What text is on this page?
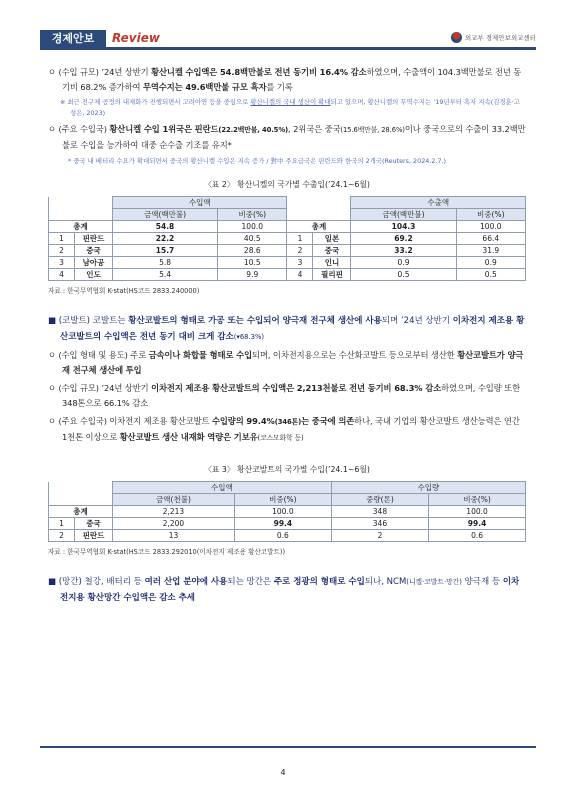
경제안보	Review	외교부 경제안보외교센터

ㅇ (수입 규모) ’24년 상반기 황산니켈 수입액은 54.8백만불로 전년 동기비 16.4% 감소하였으며, 수출액이 104.3백만불로 전년 동기비 68.2% 증가하여 무역수지는 49.6백만불 규모 흑자를 기록

※ 최근 전구체 공정의 내재화가 진행되면서 고려아연 등을 중심으로 황산니켈의 국내 생산이 확대되고 있으며, 황산니켈의 무역수지는 ’19년부터 흑자 지속(김경훈·고성은, 2023)

ㅇ (주요 수입국) 황산니켈 수입 1위국은 핀란드(22.2백만불, 40.5%), 2위국은 중국(15.6백만불, 28.6%)이나 중국으로의 수출이 33.2백만불로 수입을 능가하여 대중 순수출 기조를 유지*

* 중국 내 배터리 수요가 확대되면서 중국의 황산니켈 수입은 지속 증가 / 對中 주요급국은 핀란드와 한국의 2개국(Reuters, 2024.2.7.)

〈표 2〉 황산니켈의 국가별 수출입(’24.1~6월)

		수입액				수출액	
		금액(백만불)	비중(%)			금액(백만불)	비중(%)
총계		54.8	100.0	총계		104.3	100.0
1	핀란드	22.2	40.5	1	일본	69.2	66.4
2	중국	15.7	28.6	2	중국	33.2	31.9
3	남아공	5.8	10.5	3	인니	0.9	0.9
4	인도	5.4	9.9	4	필리핀	0.5	0.5

자료 : 한국무역협회 K-stat(HS코드 2833.240000)

■ (코발트) 코발트는 황산코발트의 형태로 가공 또는 수입되어 양극재 전구체 생산에 사용되며 ’24년 상반기 이차전지 제조용 황산코발트의 수입액은 전년 동기 대비 크게 감소(▾68.3%)

ㅇ (수입 형태 및 용도) 주로 금속이나 화합물 형태로 수입되며, 이차전지용으로는 수산화코발트 등으로부터 생산한 황산코발트가 양극재 전구체 생산에 투입

ㅇ (수입 규모) ’24년 상반기 이차전지 제조용 황산코발트의 수입액은 2,213천불로 전년 동기비 68.3% 감소하였으며, 수입량 또한 348톤으로 66.1% 감소

ㅇ (주요 수입국) 이차전지 제조용 황산코발트 수입량의 99.4%(346톤)는 중국에 의존하나, 국내 기업의 황산코발트 생산능력은 연간 1천톤 이상으로 황산코발트 생산 내재화 역량은 기보유(코스모화학 등)

〈표 3〉 황산코발트의 국가별 수입(’24.1~6월)

		수입액		수입량	
		금액(천불)	비중(%)	중량(톤)	비중(%)
총계		2,213	100.0	348	100.0
1	중국	2,200	99.4	346	99.4
2	핀란드	13	0.6	2	0.6

자료 : 한국무역협회 K-stat(HS코드 2833.292010(이차전지 제조용 황산코발트))

■ (망간) 철강, 배터리 등 여러 산업 분야에 사용되는 망간은 주로 정광의 형태로 수입되나, NCM(니켈·코발트·망간) 양극재 등 이차전지용 황산망간 수입액은 감소 추세

4
